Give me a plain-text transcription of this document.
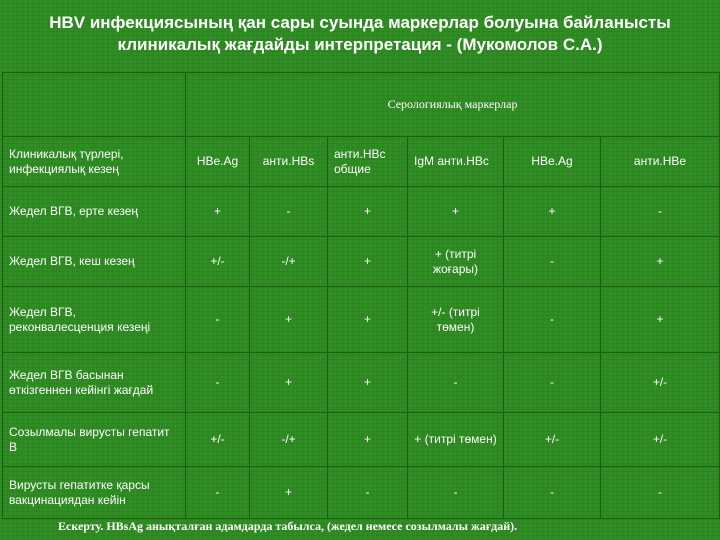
HBV инфекциясының қан сары суында маркерлар болуына байланысты
клиникалық жағдайды интерпретация - (Мукомолов С.А.)
	Серологиялық маркерлар					
Клиникалық түрлері, инфекциялық кезең	HBe.Ag	анти.HBs	анти.HBc общие	IgM анти.HBc	HBe.Ag	анти.HBe
Жедел ВГВ, ерте кезең	+	-	+	+	+	-
Жедел ВГВ, кеш кезең	+/-	-/+	+	+ (титрі жоғары)	-	+
Жедел ВГВ, реконвалесценция кезеңі	-	+	+	+/- (титрі төмен)	-	+
Жедел ВГВ басынан өткізгеннен кейінгі жағдай	-	+	+	-	-	+/-
Созылмалы вирусты гепатит В	+/-	-/+	+	+ (титрі төмен)	+/-	+/-
Вирусты гепатитке қарсы вакцинациядан кейін	-	+	-	-	-	-
Ескерту. HBsAg анықталған адамдарда табылса, (жедел немесе созылмалы жағдай).
